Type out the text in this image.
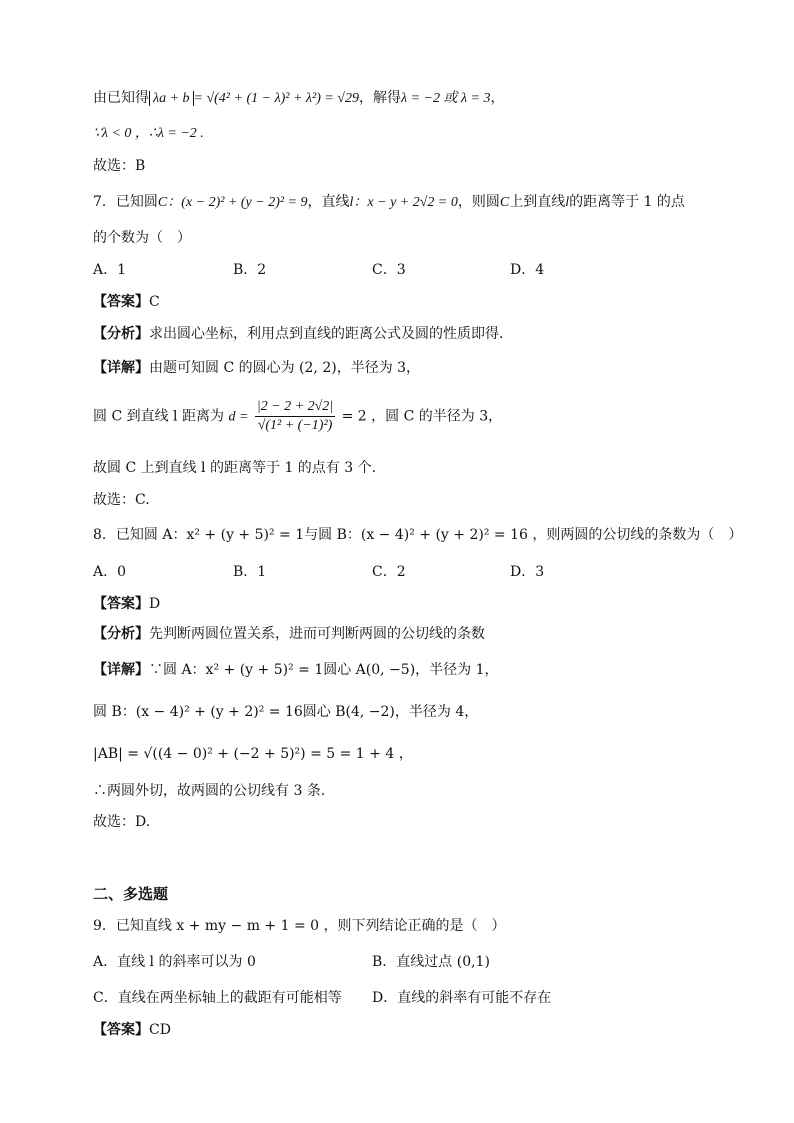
由已知得 λa + b = √(4² + (1 − λ)² + λ²) = √29，解得λ = −2 或 λ = 3，
∵λ < 0 ，∴λ = −2 .
故选：B
7．已知圆C：(x − 2)² + (y − 2)² = 9，直线l：x − y + 2√2 = 0，则圆C上到直线l的距离等于 1 的点
的个数为（　）
A．1	B．2	C．3	D．4
【答案】C
【分析】求出圆心坐标，利用点到直线的距离公式及圆的性质即得.
【详解】由题可知圆 C 的圆心为 (2, 2)，半径为 3，
圆 C 到直线 l 距离为 $d = \frac{|2 - 2 + 2√2|}{\text{√(1² + (−1)²)}} = 2$ ，圆 C 的半径为 3，
故圆 C 上到直线 l 的距离等于 1 的点有 3 个.
故选：C.
8．已知圆 A：x² + (y + 5)² = 1与圆 B：(x − 4)² + (y + 2)² = 16 ，则两圆的公切线的条数为（　）
A．0	B．1	C．2	D．3
【答案】D
【分析】先判断两圆位置关系，进而可判断两圆的公切线的条数
【详解】∵圆 A：x² + (y + 5)² = 1圆心 A(0, −5)，半径为 1，
圆 B：(x − 4)² + (y + 2)² = 16圆心 B(4, −2)，半径为 4，
|AB| = √((4 − 0)² + (−2 + 5)²) = 5 = 1 + 4 ，
∴两圆外切，故两圆的公切线有 3 条.
故选：D.
二、多选题
9．已知直线 x + my − m + 1 = 0 ，则下列结论正确的是（　）
A．直线 l 的斜率可以为 0	B．直线过点 (0,1)
C．直线在两坐标轴上的截距有可能相等 D．直线的斜率有可能不存在
【答案】CD
